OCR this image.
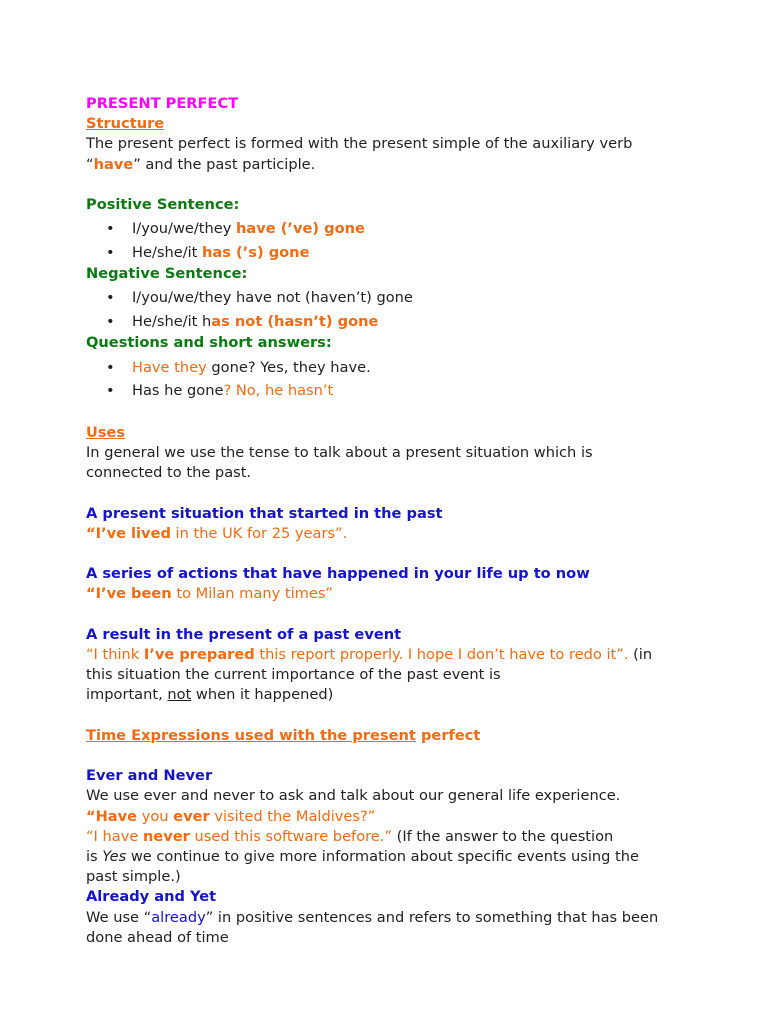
PRESENT PERFECT
Structure
The present perfect is formed with the present simple of the auxiliary verb
“have” and the past participle.
Positive Sentence:
• I/you/we/they have (’ve) gone
• He/she/it has (’s) gone
Negative Sentence:
• I/you/we/they have not (haven’t) gone
• He/she/it has not (hasn’t) gone
Questions and short answers:
• Have they gone? Yes, they have.
• Has he gone? No, he hasn’t
Uses
In general we use the tense to talk about a present situation which is
connected to the past.
A present situation that started in the past
“I’ve lived in the UK for 25 years”.
A series of actions that have happened in your life up to now
“I’ve been to Milan many times”
A result in the present of a past event
“I think I’ve prepared this report properly. I hope I don’t have to redo it”. (in
this situation the current importance of the past event is
important, not when it happened)
Time Expressions used with the present perfect
Ever and Never
We use ever and never to ask and talk about our general life experience.
“Have you ever visited the Maldives?”
“I have never used this software before.” (If the answer to the question
is Yes we continue to give more information about specific events using the
past simple.)
Already and Yet
We use “already” in positive sentences and refers to something that has been
done ahead of time
